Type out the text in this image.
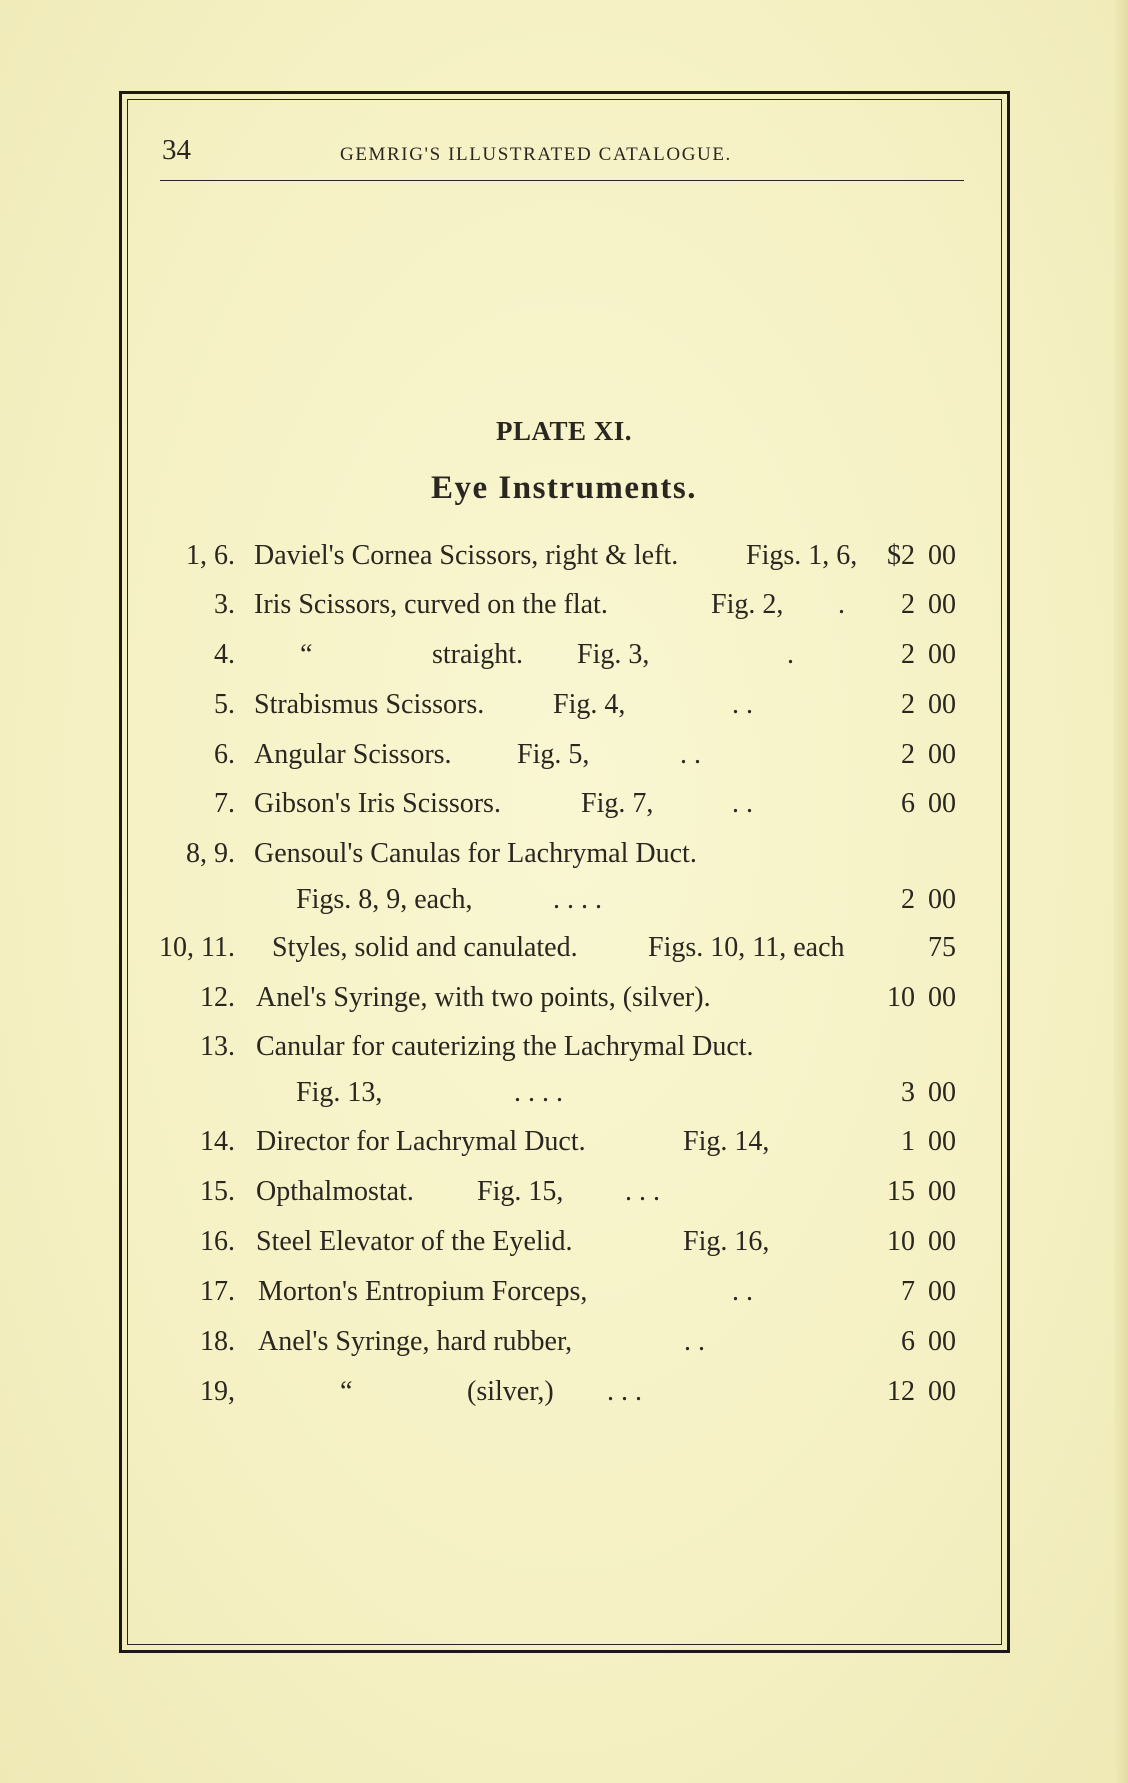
34	GEMRIG'S ILLUSTRATED CATALOGUE.
PLATE XI.
Eye Instruments.
1, 6. Daviel's Cornea Scissors, right & left. Figs. 1, 6,	$2 00
3. Iris Scissors, curved on the flat.	Fig. 2, .	2 00
4. “	straight. Fig. 3,	.	2 00
5. Strabismus Scissors. Fig. 4,	. .	2 00
6. Angular Scissors. Fig. 5,	. .	2 00
7. Gibson's Iris Scissors.	Fig. 7,	. .	6 00
8, 9. Gensoul's Canulas for Lachrymal Duct.
Figs. 8, 9, each,	. . . .	2 00
10, 11. Styles, solid and canulated.	Figs. 10, 11, each	75
12. Anel's Syringe, with two points, (silver).	10 00
13. Canular for cauterizing the Lachrymal Duct.
Fig. 13,	. . . .	3 00
14. Director for Lachrymal Duct.	Fig. 14,	1 00
15. Opthalmostat. Fig. 15, . . .	15 00
16. Steel Elevator of the Eyelid.	Fig. 16,	10 00
17. Morton's Entropium Forceps,	. .	7 00
18. Anel's Syringe, hard rubber,	. .	6 00
19,	“	(silver,) . . .	12 00
